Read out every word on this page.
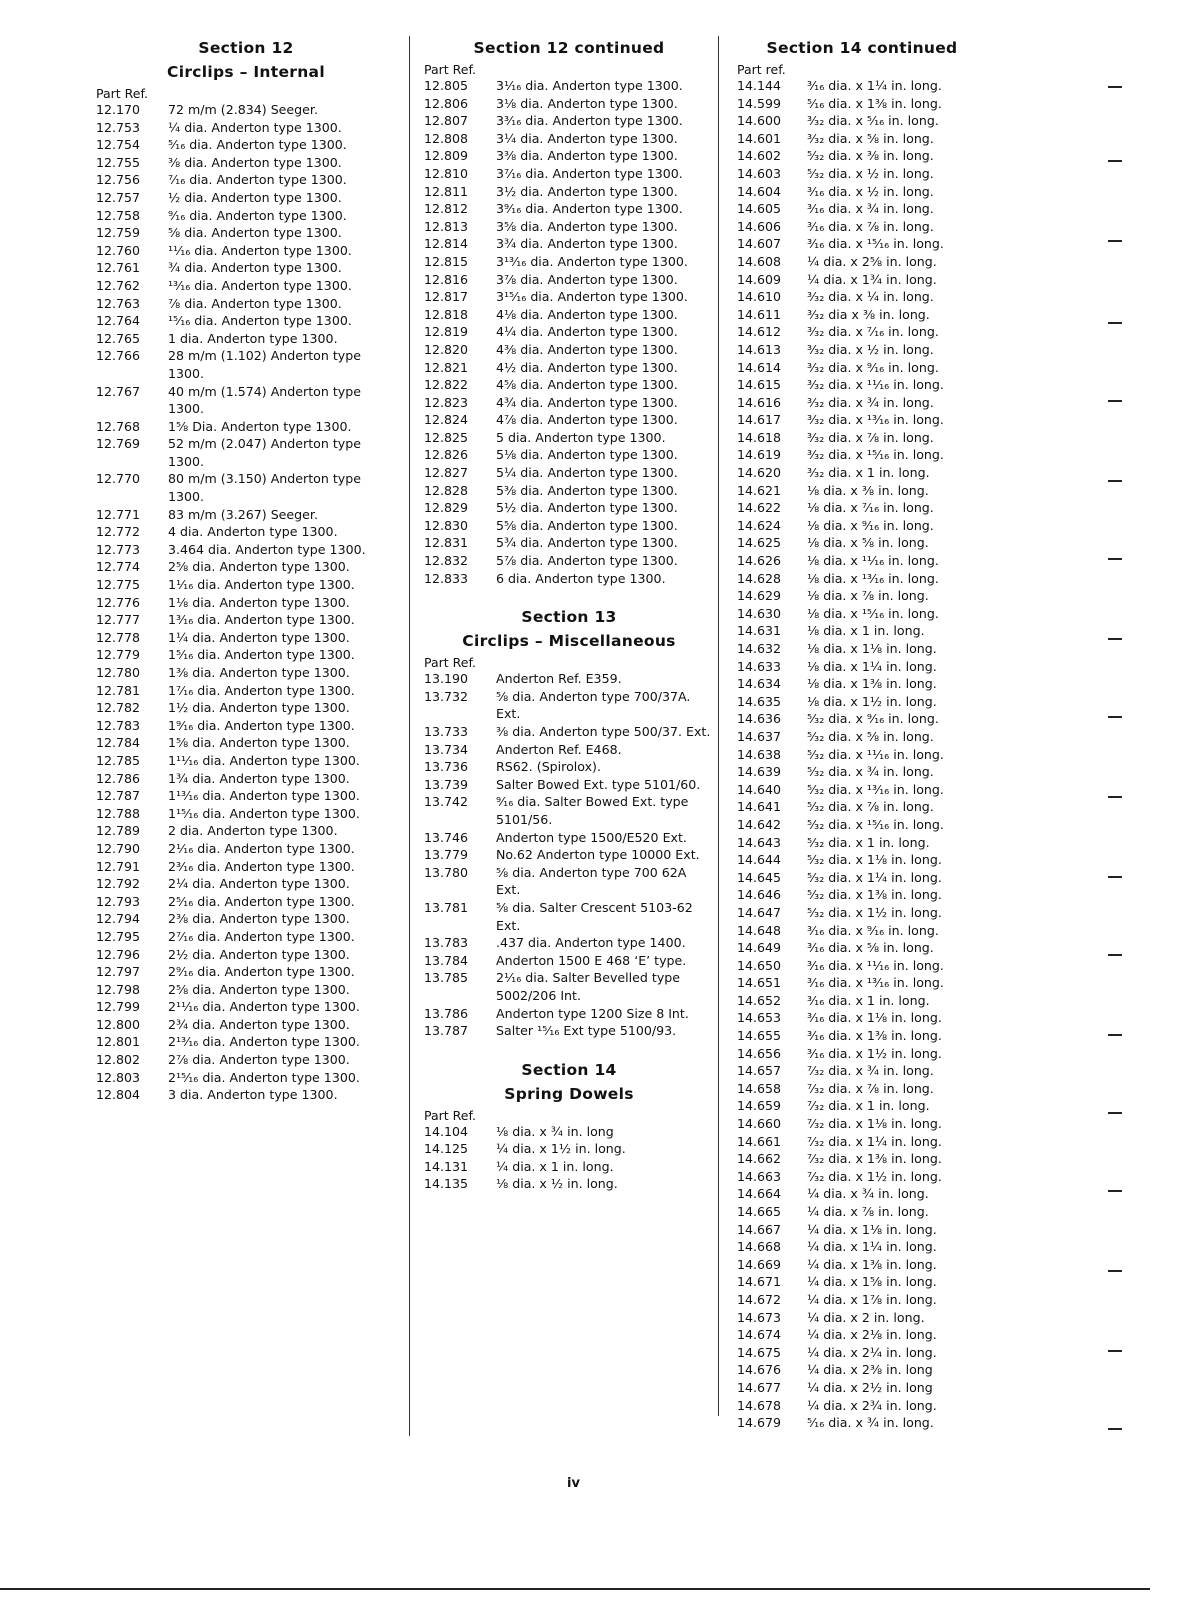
Section 12
Circlips – Internal
Part Ref.
12.170	72 m/m (2.834) Seeger.
12.753	¼ dia. Anderton type 1300.
12.754	⁵⁄₁₆ dia. Anderton type 1300.
12.755	⅜ dia. Anderton type 1300.
12.756	⁷⁄₁₆ dia. Anderton type 1300.
12.757	½ dia. Anderton type 1300.
12.758	⁹⁄₁₆ dia. Anderton type 1300.
12.759	⅝ dia. Anderton type 1300.
12.760	¹¹⁄₁₆ dia. Anderton type 1300.
12.761	¾ dia. Anderton type 1300.
12.762	¹³⁄₁₆ dia. Anderton type 1300.
12.763	⅞ dia. Anderton type 1300.
12.764	¹⁵⁄₁₆ dia. Anderton type 1300.
12.765	1 dia. Anderton type 1300.
12.766	28 m/m (1.102) Anderton type 1300.
12.767	40 m/m (1.574) Anderton type 1300.
12.768	1⅝ Dia. Anderton type 1300.
12.769	52 m/m (2.047) Anderton type 1300.
12.770	80 m/m (3.150) Anderton type 1300.
12.771	83 m/m (3.267) Seeger.
12.772	4 dia. Anderton type 1300.
12.773	3.464 dia. Anderton type 1300.
12.774	2⅝ dia. Anderton type 1300.
12.775	1¹⁄₁₆ dia. Anderton type 1300.
12.776	1⅛ dia. Anderton type 1300.
12.777	1³⁄₁₆ dia. Anderton type 1300.
12.778	1¼ dia. Anderton type 1300.
12.779	1⁵⁄₁₆ dia. Anderton type 1300.
12.780	1⅜ dia. Anderton type 1300.
12.781	1⁷⁄₁₆ dia. Anderton type 1300.
12.782	1½ dia. Anderton type 1300.
12.783	1⁹⁄₁₆ dia. Anderton type 1300.
12.784	1⅝ dia. Anderton type 1300.
12.785	1¹¹⁄₁₆ dia. Anderton type 1300.
12.786	1¾ dia. Anderton type 1300.
12.787	1¹³⁄₁₆ dia. Anderton type 1300.
12.788	1¹⁵⁄₁₆ dia. Anderton type 1300.
12.789	2 dia. Anderton type 1300.
12.790	2¹⁄₁₆ dia. Anderton type 1300.
12.791	2³⁄₁₆ dia. Anderton type 1300.
12.792	2¼ dia. Anderton type 1300.
12.793	2⁵⁄₁₆ dia. Anderton type 1300.
12.794	2⅜ dia. Anderton type 1300.
12.795	2⁷⁄₁₆ dia. Anderton type 1300.
12.796	2½ dia. Anderton type 1300.
12.797	2⁹⁄₁₆ dia. Anderton type 1300.
12.798	2⅝ dia. Anderton type 1300.
12.799	2¹¹⁄₁₆ dia. Anderton type 1300.
12.800	2¾ dia. Anderton type 1300.
12.801	2¹³⁄₁₆ dia. Anderton type 1300.
12.802	2⅞ dia. Anderton type 1300.
12.803	2¹⁵⁄₁₆ dia. Anderton type 1300.
12.804	3 dia. Anderton type 1300.
Section 12 continued
Part Ref.
12.805	3¹⁄₁₆ dia. Anderton type 1300.
12.806	3⅛ dia. Anderton type 1300.
12.807	3³⁄₁₆ dia. Anderton type 1300.
12.808	3¼ dia. Anderton type 1300.
12.809	3⅜ dia. Anderton type 1300.
12.810	3⁷⁄₁₆ dia. Anderton type 1300.
12.811	3½ dia. Anderton type 1300.
12.812	3⁹⁄₁₆ dia. Anderton type 1300.
12.813	3⅝ dia. Anderton type 1300.
12.814	3¾ dia. Anderton type 1300.
12.815	3¹³⁄₁₆ dia. Anderton type 1300.
12.816	3⅞ dia. Anderton type 1300.
12.817	3¹⁵⁄₁₆ dia. Anderton type 1300.
12.818	4⅛ dia. Anderton type 1300.
12.819	4¼ dia. Anderton type 1300.
12.820	4⅜ dia. Anderton type 1300.
12.821	4½ dia. Anderton type 1300.
12.822	4⅝ dia. Anderton type 1300.
12.823	4¾ dia. Anderton type 1300.
12.824	4⅞ dia. Anderton type 1300.
12.825	5 dia. Anderton type 1300.
12.826	5⅛ dia. Anderton type 1300.
12.827	5¼ dia. Anderton type 1300.
12.828	5⅜ dia. Anderton type 1300.
12.829	5½ dia. Anderton type 1300.
12.830	5⅝ dia. Anderton type 1300.
12.831	5¾ dia. Anderton type 1300.
12.832	5⅞ dia. Anderton type 1300.
12.833	6 dia. Anderton type 1300.
Section 13
Circlips – Miscellaneous
Part Ref.
13.190	Anderton Ref. E359.
13.732	⅝ dia. Anderton type 700/37A. Ext.
13.733	⅜ dia. Anderton type 500/37. Ext.
13.734	Anderton Ref. E468.
13.736	RS62. (Spirolox).
13.739	Salter Bowed Ext. type 5101/60.
13.742	⁹⁄₁₆ dia. Salter Bowed Ext. type 5101/56.
13.746	Anderton type 1500/E520 Ext.
13.779	No.62 Anderton type 10000 Ext.
13.780	⅝ dia. Anderton type 700 62A Ext.
13.781	⅝ dia. Salter Crescent 5103-62 Ext.
13.783	.437 dia. Anderton type 1400.
13.784	Anderton 1500 E 468 ‘E’ type.
13.785	2¹⁄₁₆ dia. Salter Bevelled type 5002/206 Int.
13.786	Anderton type 1200 Size 8 Int.
13.787	Salter ¹⁵⁄₁₆ Ext type 5100/93.
Section 14
Spring Dowels
Part Ref.
14.104	⅛ dia. x ¾ in. long
14.125	¼ dia. x 1½ in. long.
14.131	¼ dia. x 1 in. long.
14.135	⅛ dia. x ½ in. long.
Section 14 continued
Part ref.
14.144	³⁄₁₆ dia. x 1¼ in. long.
14.599	⁵⁄₁₆ dia. x 1⅜ in. long.
14.600	³⁄₃₂ dia. x ⁵⁄₁₆ in. long.
14.601	³⁄₃₂ dia. x ⅝ in. long.
14.602	⁵⁄₃₂ dia. x ⅜ in. long.
14.603	⁵⁄₃₂ dia. x ½ in. long.
14.604	³⁄₁₆ dia. x ½ in. long.
14.605	³⁄₁₆ dia. x ¾ in. long.
14.606	³⁄₁₆ dia. x ⅞ in. long.
14.607	³⁄₁₆ dia. x ¹⁵⁄₁₆ in. long.
14.608	¼ dia. x 2⅝ in. long.
14.609	¼ dia. x 1¾ in. long.
14.610	³⁄₃₂ dia. x ¼ in. long.
14.611	³⁄₃₂ dia x ⅜ in. long.
14.612	³⁄₃₂ dia. x ⁷⁄₁₆ in. long.
14.613	³⁄₃₂ dia. x ½ in. long.
14.614	³⁄₃₂ dia. x ⁹⁄₁₆ in. long.
14.615	³⁄₃₂ dia. x ¹¹⁄₁₆ in. long.
14.616	³⁄₃₂ dia. x ¾ in. long.
14.617	³⁄₃₂ dia. x ¹³⁄₁₆ in. long.
14.618	³⁄₃₂ dia. x ⅞ in. long.
14.619	³⁄₃₂ dia. x ¹⁵⁄₁₆ in. long.
14.620	³⁄₃₂ dia. x 1 in. long.
14.621	⅛ dia. x ⅜ in. long.
14.622	⅛ dia. x ⁷⁄₁₆ in. long.
14.624	⅛ dia. x ⁹⁄₁₆ in. long.
14.625	⅛ dia. x ⅝ in. long.
14.626	⅛ dia. x ¹¹⁄₁₆ in. long.
14.628	⅛ dia. x ¹³⁄₁₆ in. long.
14.629	⅛ dia. x ⅞ in. long.
14.630	⅛ dia. x ¹⁵⁄₁₆ in. long.
14.631	⅛ dia. x 1 in. long.
14.632	⅛ dia. x 1⅛ in. long.
14.633	⅛ dia. x 1¼ in. long.
14.634	⅛ dia. x 1⅜ in. long.
14.635	⅛ dia. x 1½ in. long.
14.636	⁵⁄₃₂ dia. x ⁹⁄₁₆ in. long.
14.637	⁵⁄₃₂ dia. x ⅝ in. long.
14.638	⁵⁄₃₂ dia. x ¹¹⁄₁₆ in. long.
14.639	⁵⁄₃₂ dia. x ¾ in. long.
14.640	⁵⁄₃₂ dia. x ¹³⁄₁₆ in. long.
14.641	⁵⁄₃₂ dia. x ⅞ in. long.
14.642	⁵⁄₃₂ dia. x ¹⁵⁄₁₆ in. long.
14.643	⁵⁄₃₂ dia. x 1 in. long.
14.644	⁵⁄₃₂ dia. x 1⅛ in. long.
14.645	⁵⁄₃₂ dia. x 1¼ in. long.
14.646	⁵⁄₃₂ dia. x 1⅜ in. long.
14.647	⁵⁄₃₂ dia. x 1½ in. long.
14.648	³⁄₁₆ dia. x ⁹⁄₁₆ in. long.
14.649	³⁄₁₆ dia. x ⅝ in. long.
14.650	³⁄₁₆ dia. x ¹¹⁄₁₆ in. long.
14.651	³⁄₁₆ dia. x ¹³⁄₁₆ in. long.
14.652	³⁄₁₆ dia. x 1 in. long.
14.653	³⁄₁₆ dia. x 1⅛ in. long.
14.655	³⁄₁₆ dia. x 1⅜ in. long.
14.656	³⁄₁₆ dia. x 1½ in. long.
14.657	⁷⁄₃₂ dia. x ¾ in. long.
14.658	⁷⁄₃₂ dia. x ⅞ in. long.
14.659	⁷⁄₃₂ dia. x 1 in. long.
14.660	⁷⁄₃₂ dia. x 1⅛ in. long.
14.661	⁷⁄₃₂ dia. x 1¼ in. long.
14.662	⁷⁄₃₂ dia. x 1⅜ in. long.
14.663	⁷⁄₃₂ dia. x 1½ in. long.
14.664	¼ dia. x ¾ in. long.
14.665	¼ dia. x ⅞ in. long.
14.667	¼ dia. x 1⅛ in. long.
14.668	¼ dia. x 1¼ in. long.
14.669	¼ dia. x 1⅜ in. long.
14.671	¼ dia. x 1⅝ in. long.
14.672	¼ dia. x 1⅞ in. long.
14.673	¼ dia. x 2 in. long.
14.674	¼ dia. x 2⅛ in. long.
14.675	¼ dia. x 2¼ in. long.
14.676	¼ dia. x 2⅜ in. long
14.677	¼ dia. x 2½ in. long
14.678	¼ dia. x 2¾ in. long.
14.679	⁵⁄₁₆ dia. x ¾ in. long.
iv
